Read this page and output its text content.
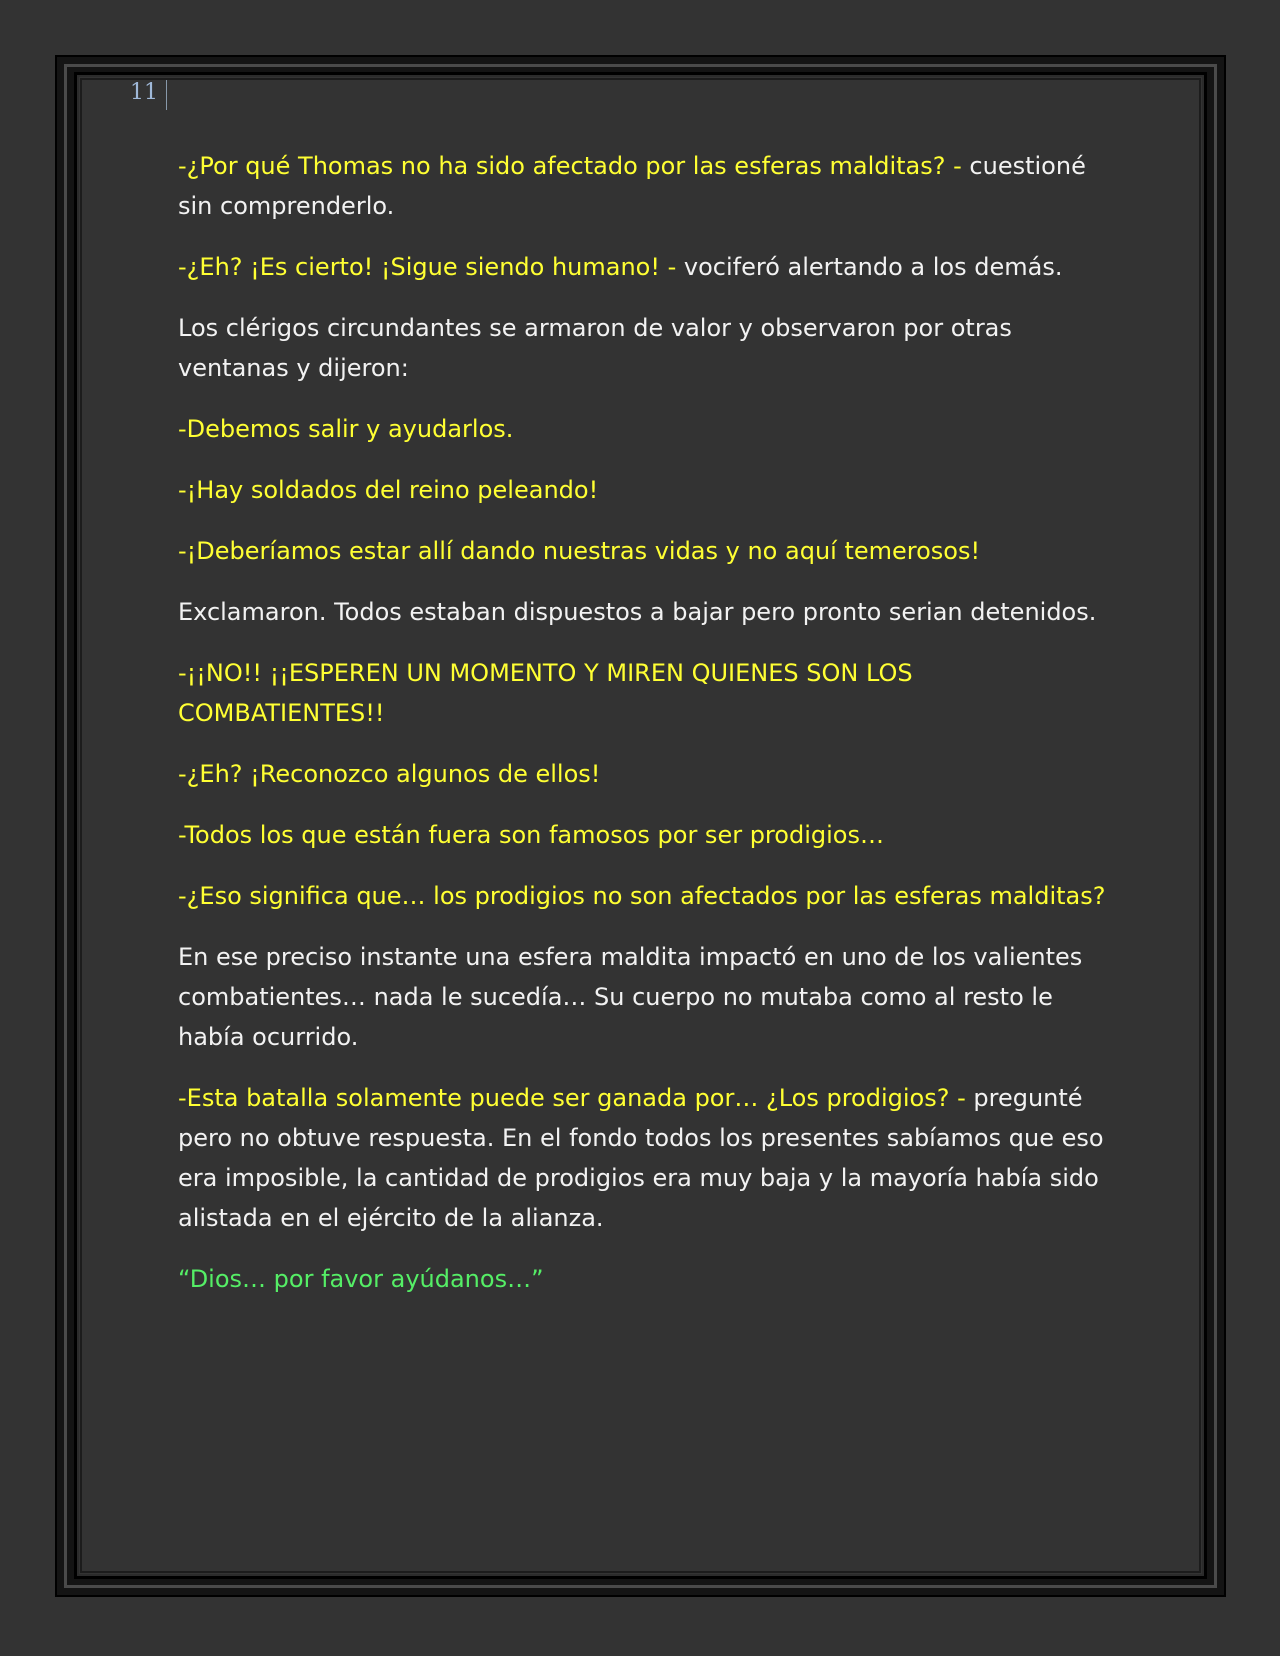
11

-¿Por qué Thomas no ha sido afectado por las esferas malditas? - cuestioné sin comprenderlo.

-¿Eh? ¡Es cierto! ¡Sigue siendo humano! - vociferó alertando a los demás.

Los clérigos circundantes se armaron de valor y observaron por otras ventanas y dijeron:

-Debemos salir y ayudarlos.

-¡Hay soldados del reino peleando!

-¡Deberíamos estar allí dando nuestras vidas y no aquí temerosos!

Exclamaron. Todos estaban dispuestos a bajar pero pronto serian detenidos.

-¡¡NO!! ¡¡ESPEREN UN MOMENTO Y MIREN QUIENES SON LOS COMBATIENTES!!

-¿Eh? ¡Reconozco algunos de ellos!

-Todos los que están fuera son famosos por ser prodigios…

-¿Eso significa que… los prodigios no son afectados por las esferas malditas?

En ese preciso instante una esfera maldita impactó en uno de los valientes combatientes… nada le sucedía… Su cuerpo no mutaba como al resto le había ocurrido.

-Esta batalla solamente puede ser ganada por… ¿Los prodigios? - pregunté pero no obtuve respuesta. En el fondo todos los presentes sabíamos que eso era imposible, la cantidad de prodigios era muy baja y la mayoría había sido alistada en el ejército de la alianza.

“Dios… por favor ayúdanos…”
